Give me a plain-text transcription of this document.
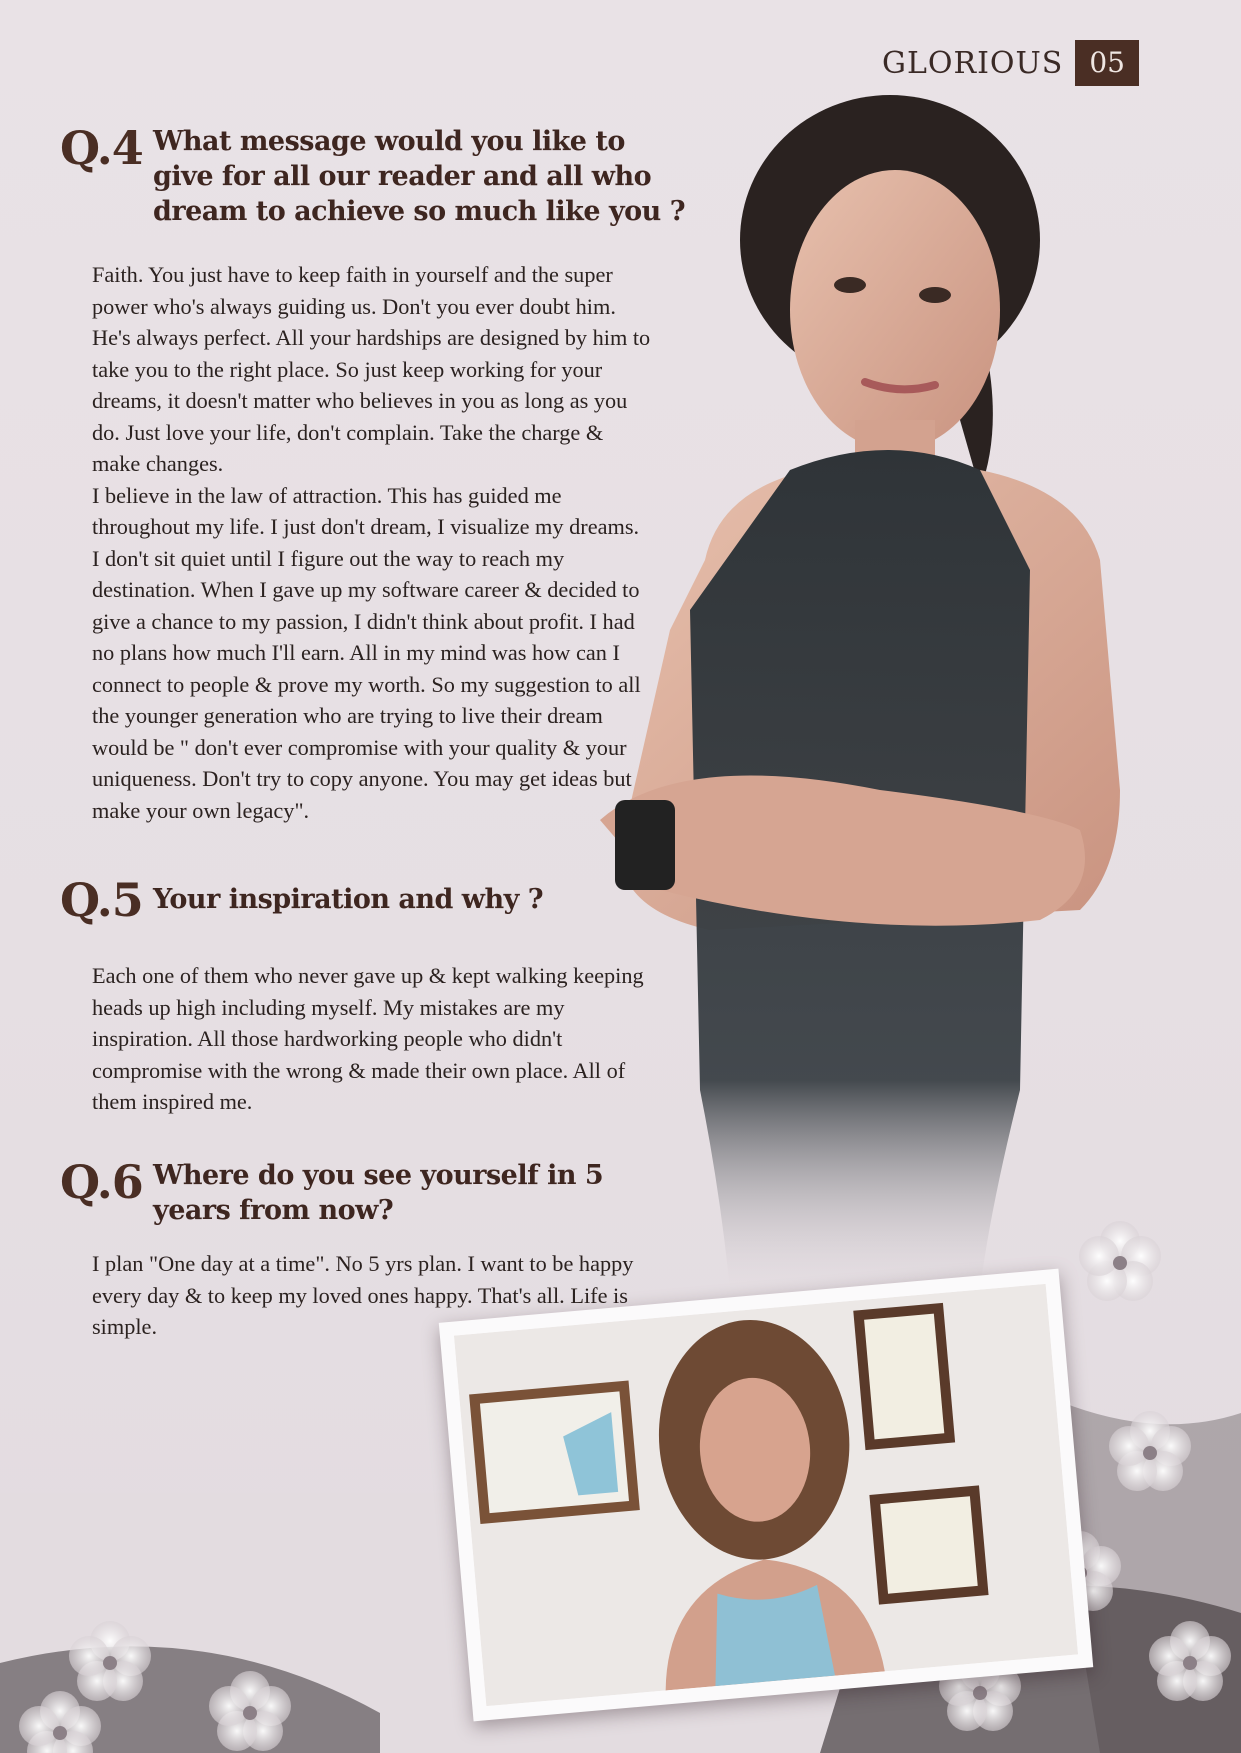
GLORIOUS 05
Q.4 What message would you like to give for all our reader and all who dream to achieve so much like you ?
Faith. You just have to keep faith in yourself and the super power who's always guiding us. Don't you ever doubt him. He's always perfect. All your hardships are designed by him to take you to the right place. So just keep working for your dreams, it doesn't matter who believes in you as long as you do. Just love your life, don't complain. Take the charge & make changes.
I believe in the law of attraction. This has guided me throughout my life. I just don't dream, I visualize my dreams. I don't sit quiet until I figure out the way to reach my destination. When I gave up my software career & decided to give a chance to my passion, I didn't think about profit. I had no plans how much I'll earn. All in my mind was how can I connect to people & prove my worth. So my suggestion to all the younger generation who are trying to live their dream would be " don't ever compromise with your quality & your uniqueness. Don't try to copy anyone. You may get ideas but make your own legacy".
Q.5 Your inspiration and why ?
Each one of them who never gave up & kept walking keeping heads up high including myself. My mistakes are my inspiration. All those hardworking people who didn't compromise with the wrong & made their own place. All of them inspired me.
Q.6 Where do you see yourself in 5 years from now?
I plan "One day at a time". No 5 yrs plan. I want to be happy every day & to keep my loved ones happy. That's all. Life is simple.
